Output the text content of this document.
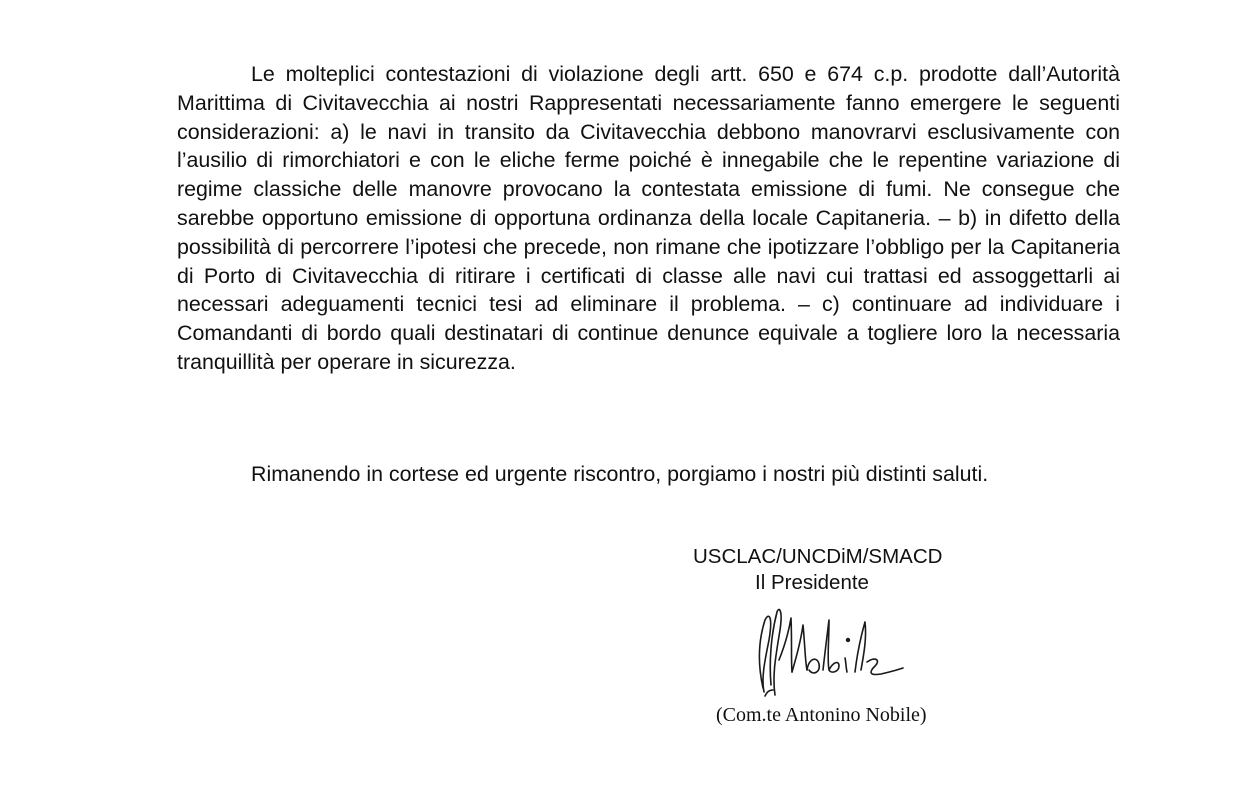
Le molteplici contestazioni di violazione degli artt. 650 e 674 c.p. prodotte dall’Autorità Marittima di Civitavecchia ai nostri Rappresentati necessariamente fanno emergere le seguenti considerazioni: a) le navi in transito da Civitavecchia debbono manovrarvi esclusivamente con l’ausilio di rimorchiatori e con le eliche ferme poiché è innegabile che le repentine variazione di regime classiche delle manovre provocano la contestata emissione di fumi. Ne consegue che sarebbe opportuno emissione di opportuna ordinanza della locale Capitaneria. – b) in difetto della possibilità di percorrere l’ipotesi che precede, non rimane che ipotizzare l’obbligo per la Capitaneria di Porto di Civitavecchia di ritirare i certificati di classe alle navi cui trattasi ed assoggettarli ai necessari adeguamenti tecnici tesi ad eliminare il problema. – c) continuare ad individuare i Comandanti di bordo quali destinatari di continue denunce equivale a togliere loro la necessaria tranquillità per operare in sicurezza.

Rimanendo in cortese ed urgente riscontro, porgiamo i nostri più distinti saluti.

USCLAC/UNCDiM/SMACD
Il Presidente
(Com.te Antonino Nobile)
